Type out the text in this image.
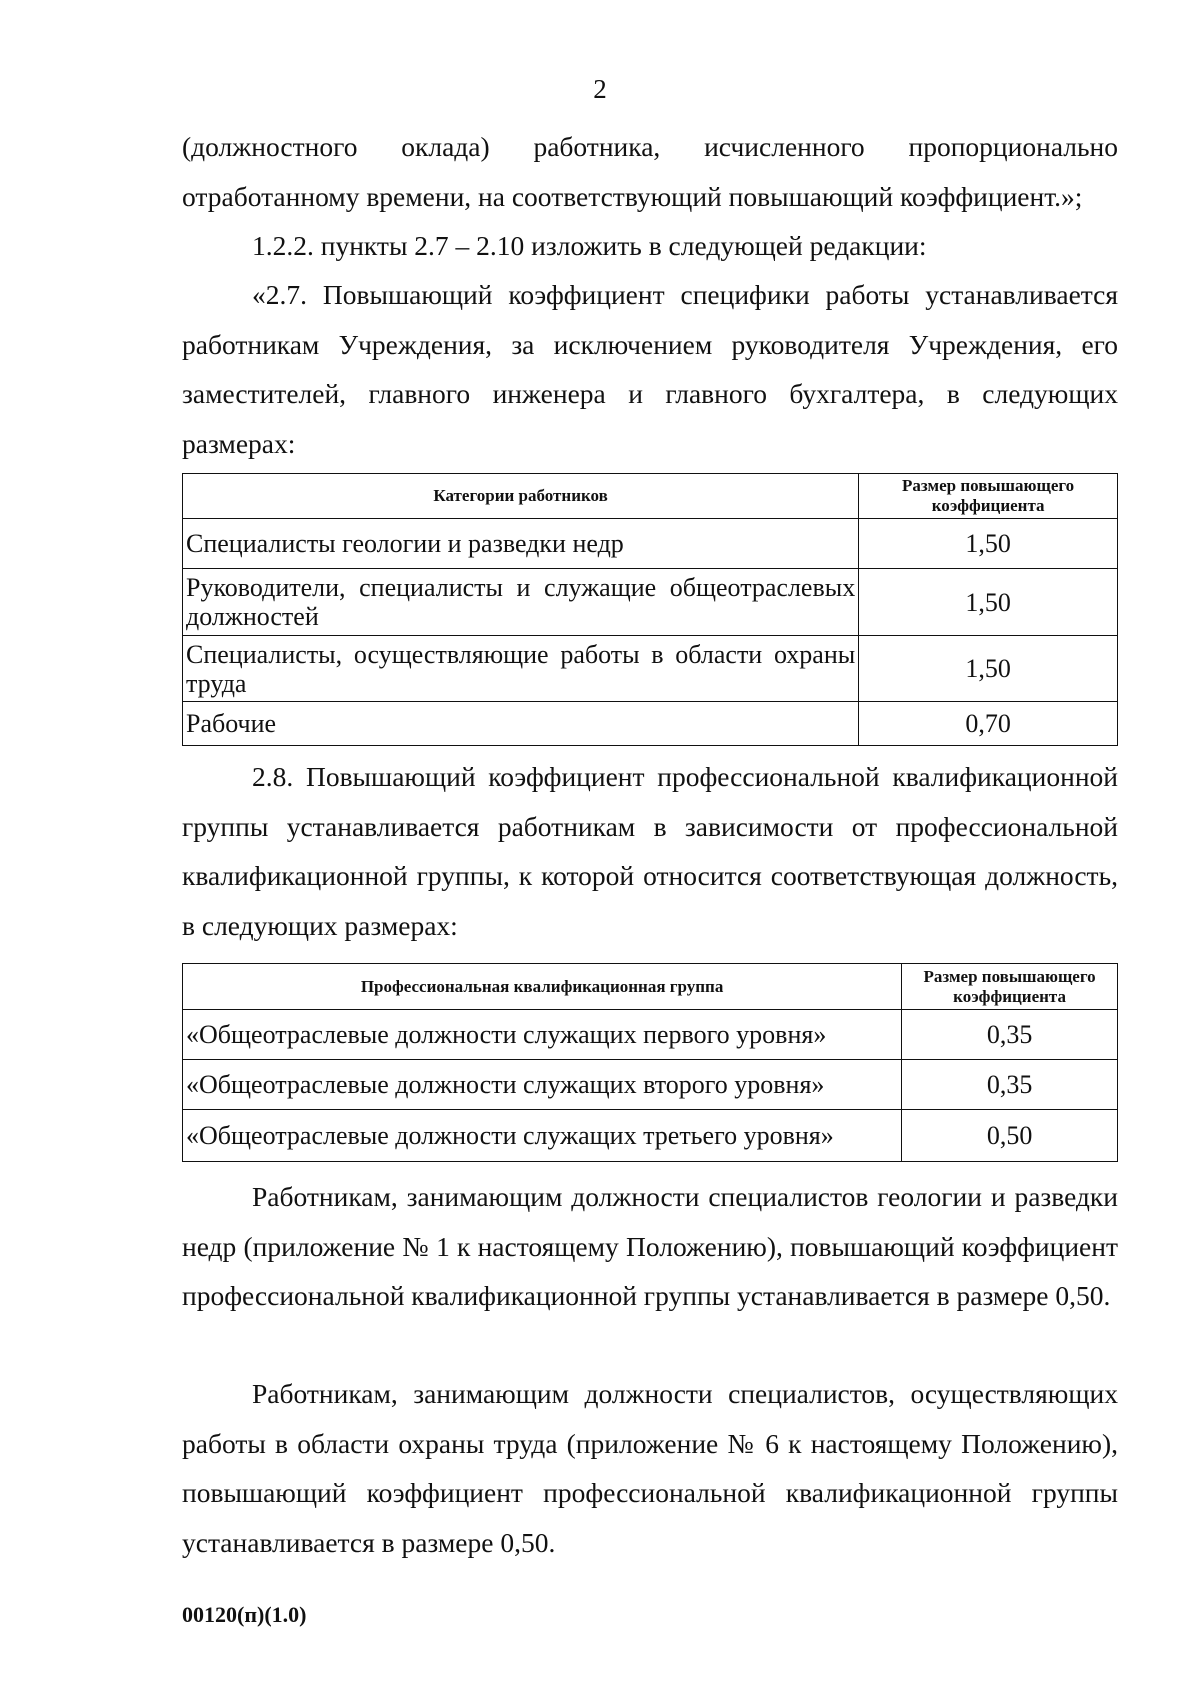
2

(должностного оклада) работника, исчисленного пропорционально отработанному времени, на соответствующий повышающий коэффициент.»;

1.2.2. пункты 2.7 – 2.10 изложить в следующей редакции:

«2.7. Повышающий коэффициент специфики работы устанавливается работникам Учреждения, за исключением руководителя Учреждения, его заместителей, главного инженера и главного бухгалтера, в следующих размерах:

Категории работников	Размер повышающего коэффициента
Специалисты геологии и разведки недр	1,50
Руководители, специалисты и служащие общеотраслевых должностей	1,50
Специалисты, осуществляющие работы в области охраны труда	1,50
Рабочие	0,70

2.8. Повышающий коэффициент профессиональной квалификационной группы устанавливается работникам в зависимости от профессиональной квалификационной группы, к которой относится соответствующая должность, в следующих размерах:

Профессиональная квалификационная группа	Размер повышающего коэффициента
«Общеотраслевые должности служащих первого уровня»	0,35
«Общеотраслевые должности служащих второго уровня»	0,35
«Общеотраслевые должности служащих третьего уровня»	0,50

Работникам, занимающим должности специалистов геологии и разведки недр (приложение № 1 к настоящему Положению), повышающий коэффициент профессиональной квалификационной группы устанавливается в размере 0,50.

Работникам, занимающим должности специалистов, осуществляющих работы в области охраны труда (приложение № 6 к настоящему Положению), повышающий коэффициент профессиональной квалификационной группы устанавливается в размере 0,50.

00120(п)(1.0)
